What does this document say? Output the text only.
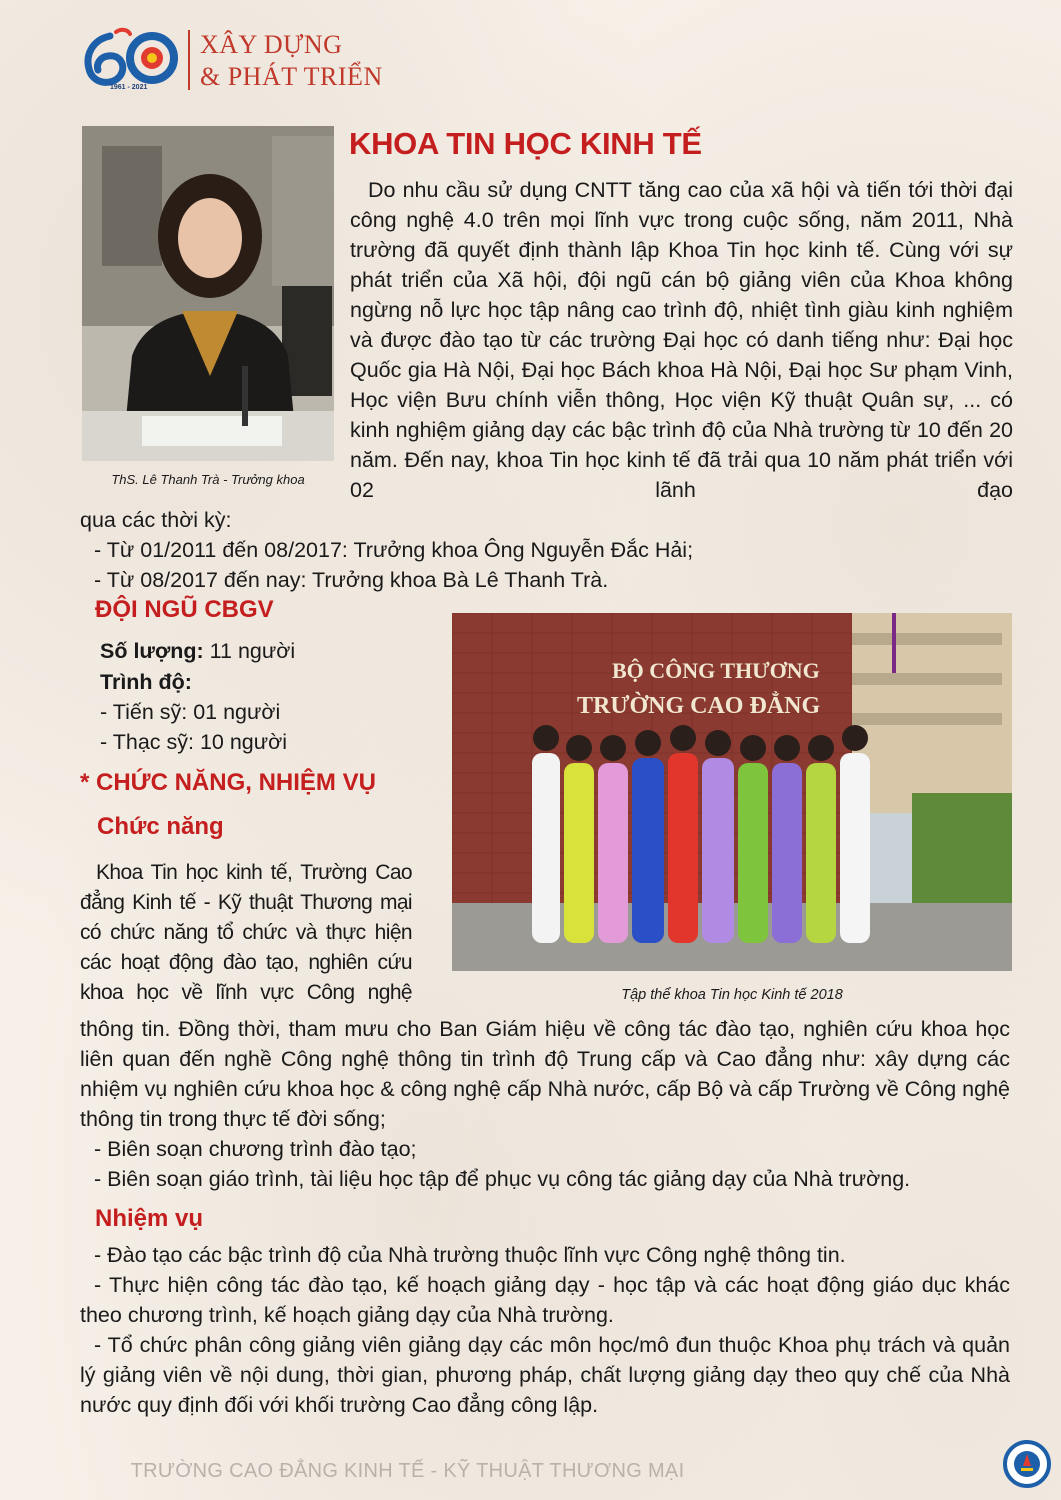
1961 - 2021
XÂY DỰNG
& PHÁT TRIỂN
ThS. Lê Thanh Trà - Trưởng khoa
KHOA TIN HỌC KINH TẾ
Do nhu cầu sử dụng CNTT tăng cao của xã hội và tiến tới thời đại công nghệ 4.0 trên mọi lĩnh vực trong cuộc sống, năm 2011, Nhà trường đã quyết định thành lập Khoa Tin học kinh tế. Cùng với sự phát triển của Xã hội, đội ngũ cán bộ giảng viên của Khoa không ngừng nỗ lực học tập nâng cao trình độ, nhiệt tình giàu kinh nghiệm và được đào tạo từ các trường Đại học có danh tiếng như: Đại học Quốc gia Hà Nội, Đại học Bách khoa Hà Nội, Đại học Sư phạm Vinh, Học viện Bưu chính viễn thông, Học viện Kỹ thuật Quân sự, ... có kinh nghiệm giảng dạy các bậc trình độ của Nhà trường từ 10 đến 20 năm. Đến nay, khoa Tin học kinh tế đã trải qua 10 năm phát triển với 02 lãnh đạo
qua các thời kỳ:
- Từ 01/2011 đến 08/2017: Trưởng khoa Ông Nguyễn Đắc Hải;
- Từ 08/2017 đến nay: Trưởng khoa Bà Lê Thanh Trà.
ĐỘI NGŨ CBGV
Số lượng: 11 người
Trình độ:
- Tiến sỹ: 01 người
- Thạc sỹ: 10 người
* CHỨC NĂNG, NHIỆM VỤ
Chức năng
BỘ CÔNG THƯƠNG
TRƯỜNG CAO ĐẲNG
Tập thể khoa Tin học Kinh tế 2018
Khoa Tin học kinh tế, Trường Cao đẳng Kinh tế - Kỹ thuật Thương mại có chức năng tổ chức và thực hiện các hoạt động đào tạo, nghiên cứu khoa học về lĩnh vực Công nghệ
thông tin. Đồng thời, tham mưu cho Ban Giám hiệu về công tác đào tạo, nghiên cứu khoa học liên quan đến nghề Công nghệ thông tin trình độ Trung cấp và Cao đẳng như: xây dựng các nhiệm vụ nghiên cứu khoa học & công nghệ cấp Nhà nước, cấp Bộ và cấp Trường về Công nghệ thông tin trong thực tế đời sống;
- Biên soạn chương trình đào tạo;
- Biên soạn giáo trình, tài liệu học tập để phục vụ công tác giảng dạy của Nhà trường.
Nhiệm vụ
- Đào tạo các bậc trình độ của Nhà trường thuộc lĩnh vực Công nghệ thông tin.
- Thực hiện công tác đào tạo, kế hoạch giảng dạy - học tập và các hoạt động giáo dục khác theo chương trình, kế hoạch giảng dạy của Nhà trường.
- Tổ chức phân công giảng viên giảng dạy các môn học/mô đun thuộc Khoa phụ trách và quản lý giảng viên về nội dung, thời gian, phương pháp, chất lượng giảng dạy theo quy chế của Nhà nước quy định đối với khối trường Cao đẳng công lập.
TRƯỜNG CAO ĐẲNG KINH TẾ - KỸ THUẬT THƯƠNG MẠI
